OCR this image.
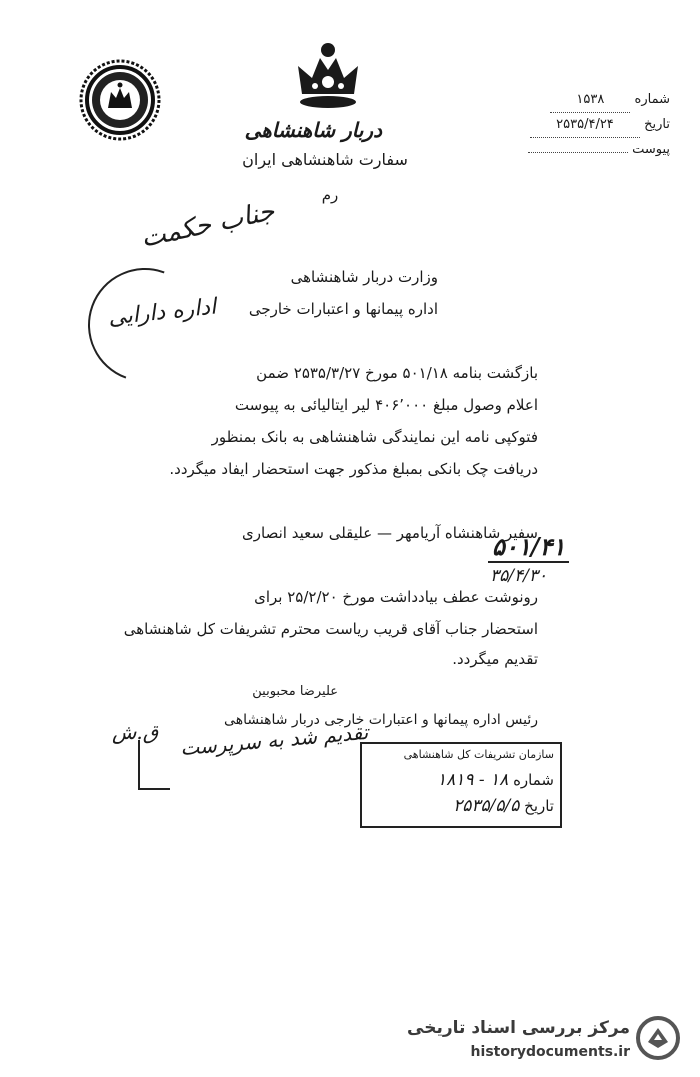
دربار شاهنشاهی
سفارت شاهنشاهی ایران
رم
شماره ۱۵۳۸
تاریخ ۲۵۳۵/۴/۲۴
پیوست
جناب حکمت
اداره دارایی
وزارت دربار شاهنشاهی
اداره پیمانها و اعتبارات خارجی
بازگشت بنامه ۵۰۱/۱۸ مورخ ۲۵۳۵/۳/۲۷ ضمن
اعلام وصول مبلغ ۴۰۶٬۰۰۰ لیر ایتالیائی به پیوست
فتوکپی نامه این نمایندگی شاهنشاهی به بانک بمنظور
دریافت چک بانکی بمبلغ مذکور جهت استحضار ایفاد میگردد.
سفیر شاهنشاه آریامهر — علیقلی سعید انصاری
۵۰۱/۴۱
۳۵/۴/۳۰
رونوشت عطف بیادداشت مورخ ۲۵/۲/۲۰ برای
استحضار جناب آقای قریب ریاست محترم تشریفات کل شاهنشاهی
تقدیم میگردد.
علیرضا محبوبین
رئیس اداره پیمانها و اعتبارات خارجی دربار شاهنشاهی
تقدیم شد به سرپرست
ق.ش
سازمان تشریفات کل شاهنشاهی
شماره ۱۸ - ۱۸۱۹
تاریخ ۲۵۳۵/۵/۵
مرکز بررسی اسناد تاریخی
historydocuments.ir
